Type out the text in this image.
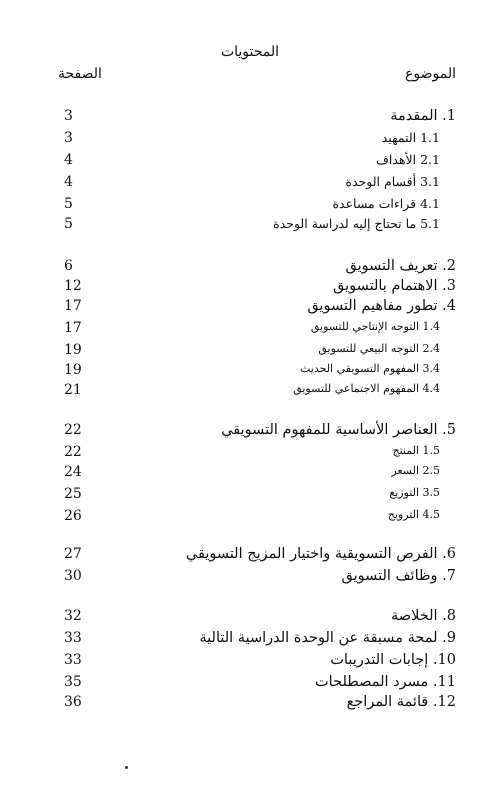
المحتويات
الموضوع
الصفحة
1. المقدمة
3
1.1 التمهيد
3
2.1 الأهداف
4
3.1 أقسام الوحدة
4
4.1 قراءات مساعدة
5
5.1 ما تحتاج إليه لدراسة الوحدة
5
2. تعريف التسويق
6
3. الاهتمام بالتسويق
12
4. تطور مفاهيم التسويق
17
1.4 التوجه الإنتاجي للتسويق
17
2.4 التوجه البيعي للتسويق
19
3.4 المفهوم التسويقي الحديث
19
4.4 المفهوم الاجتماعي للتسويق
21
5. العناصر الأساسية للمفهوم التسويقي
22
1.5 المنتج
22
2.5 السعر
24
3.5 التوزيع
25
4.5 الترويج
26
6. الفرص التسويقية واختيار المزيج التسويقي
27
7. وظائف التسويق
30
8. الخلاصة
32
9. لمحة مسبقة عن الوحدة الدراسية التالية
33
10. إجابات التدريبات
33
11. مسرد المصطلحات
35
12. قائمة المراجع
36
